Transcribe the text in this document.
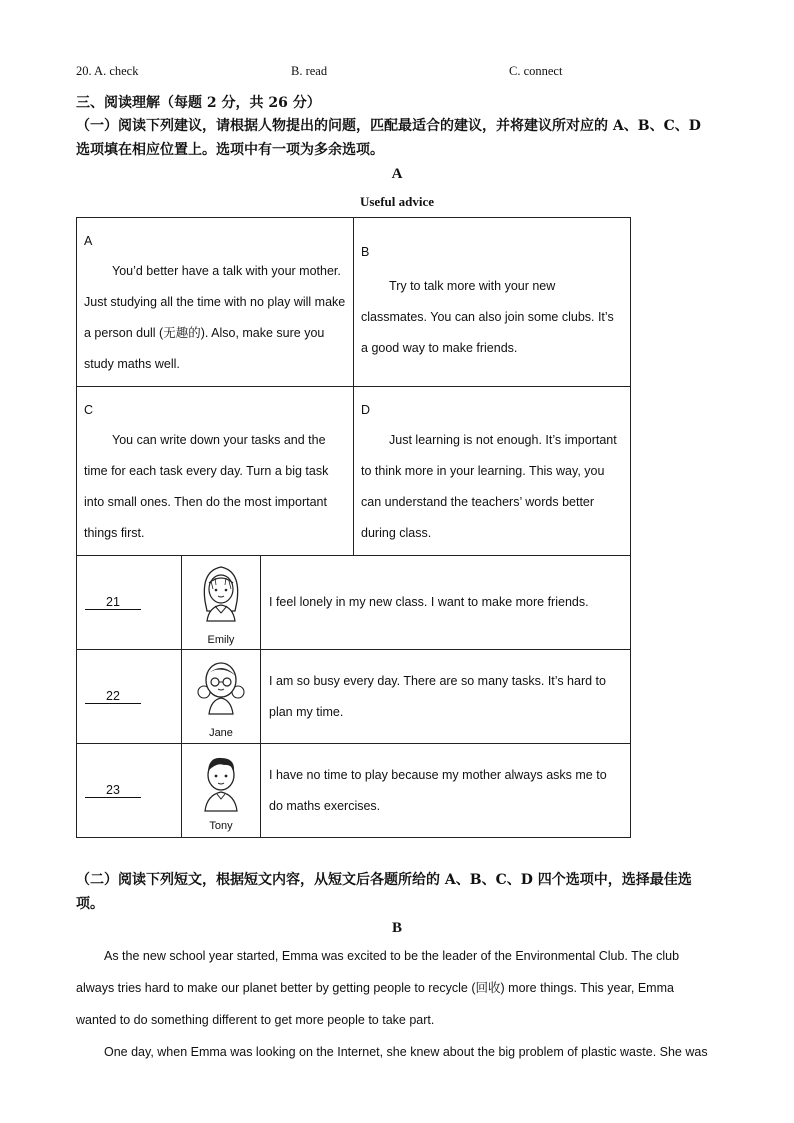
20. A. check	B. read	C. connect
三、阅读理解（每题 2 分，共 26 分）
（一）阅读下列建议，请根据人物提出的问题，匹配最适合的建议，并将建议所对应的 A、B、C、D 选项填在相应位置上。选项中有一项为多余选项。
A
Useful advice
A
You’d better have a talk with your mother. Just studying all the time with no play will make a person dull (无趣的). Also, make sure you study maths well.			B
Try to talk more with your new classmates. You can also join some clubs. It’s a good way to make friends.

C
You can write down your tasks and the time for each task every day. Turn a big task into small ones. Then do the most important things first.			D
Just learning is not enough. It’s important to think more in your learning. This way, you can understand the teachers’ words better during class.

21	Emily	I feel lonely in my new class. I want to make more friends.	
22	Jane	I am so busy every day. There are so many tasks. It’s hard to plan my time.	
23	Tony	I have no time to play because my mother always asks me to do maths exercises.	
（二）阅读下列短文，根据短文内容，从短文后各题所给的 A、B、C、D 四个选项中，选择最佳选项。
B
As the new school year started, Emma was excited to be the leader of the Environmental Club. The club always tries hard to make our planet better by getting people to recycle (回收) more things. This year, Emma wanted to do something different to get more people to take part.
One day, when Emma was looking on the Internet, she knew about the big problem of plastic waste. She was
